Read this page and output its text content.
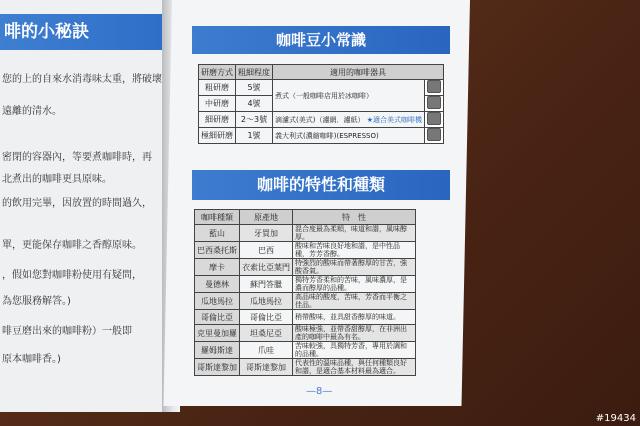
啡的小秘訣
您的上的自來水消毒味太重，將破壞
遠離的清水。
密閉的容器內，等要煮咖啡時，再
北煮出的咖啡更具原味。
的飲用完畢，因放置的時間過久，
單，更能保存咖啡之香醇原味。
，假如您對咖啡粉使用有疑問，
為您服務解答。)
啡豆磨出來的咖啡粉）一般即
原本咖啡香。)
咖啡豆小常識
研磨方式	粗細程度	適用的咖啡器具	
粗研磨	5號	煮式（一般咖啡店用於冰咖啡）	
中研磨	4號		
細研磨	2～3號	滴濾式(美式)（濾網．濾紙） ★適合美式咖啡機	
極細研磨	1號	義大利式(濃縮咖啡)(ESPRESSO)	
咖啡的特性和種類
咖啡種類	原產地	特　性
藍山	牙買加	混合度最為柔順，味道和諧，風味醇厚。
巴西桑托斯	巴西	酸味和苦味良好地和諧，是中性品種，芳芳香醇。
摩卡	衣索比亞葉門	特強烈的酸味而帶著醇厚的甘苦，強酸香氣。
曼德林	蘇門答臘	獨特芳香柔和的苦味，風味濃厚，是濃而醇厚的品種。
瓜地馬拉	瓜地馬拉	高品味的酸度，苦味，芳香而平衡之佳品。
哥倫比亞	哥倫比亞	稍帶酸味，並具甜香醇厚的味道。
克里曼加羅	坦桑尼亞	酸味極強，並帶香甜醇厚，在非洲出產的咖啡中最為有名。
羅姆斯達	爪哇	苦味較強，具獨特芳香，專用於調和的品種。
哥斯達黎加	哥斯達黎加	代表性的溫味品種，與任何種類良好和諧，是適合基本材料最為適合。
—8—
#19434
